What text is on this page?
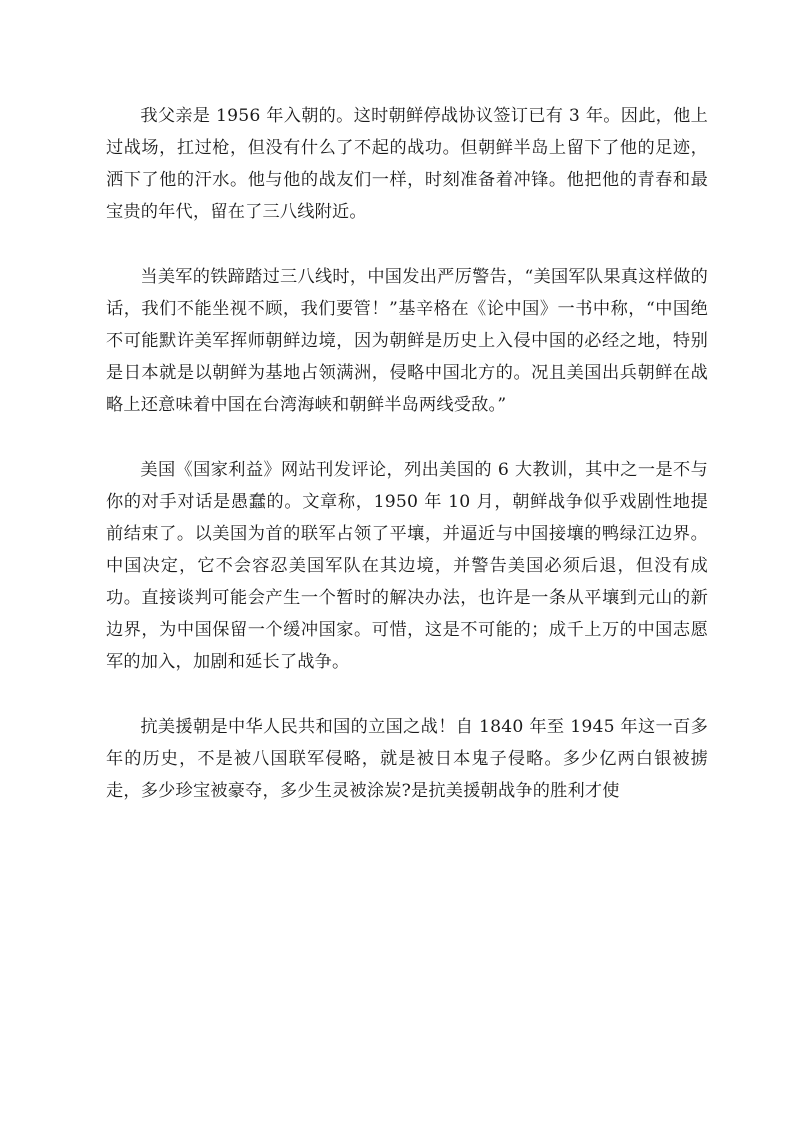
我父亲是 1956 年入朝的。这时朝鲜停战协议签订已有 3 年。因此，他上过战场，扛过枪，但没有什么了不起的战功。但朝鲜半岛上留下了他的足迹，洒下了他的汗水。他与他的战友们一样，时刻准备着冲锋。他把他的青春和最宝贵的年代，留在了三八线附近。

当美军的铁蹄踏过三八线时，中国发出严厉警告，“美国军队果真这样做的话，我们不能坐视不顾，我们要管！”基辛格在《论中国》一书中称，“中国绝不可能默许美军挥师朝鲜边境，因为朝鲜是历史上入侵中国的必经之地，特别是日本就是以朝鲜为基地占领满洲，侵略中国北方的。况且美国出兵朝鲜在战略上还意味着中国在台湾海峡和朝鲜半岛两线受敌。”

美国《国家利益》网站刊发评论，列出美国的 6 大教训，其中之一是不与你的对手对话是愚蠢的。文章称，1950 年 10 月，朝鲜战争似乎戏剧性地提前结束了。以美国为首的联军占领了平壤，并逼近与中国接壤的鸭绿江边界。中国决定，它不会容忍美国军队在其边境，并警告美国必须后退，但没有成功。直接谈判可能会产生一个暂时的解决办法，也许是一条从平壤到元山的新边界，为中国保留一个缓冲国家。可惜，这是不可能的；成千上万的中国志愿军的加入，加剧和延长了战争。

抗美援朝是中华人民共和国的立国之战！自 1840 年至 1945 年这一百多年的历史，不是被八国联军侵略，就是被日本鬼子侵略。多少亿两白银被掳走，多少珍宝被豪夺，多少生灵被涂炭?是抗美援朝战争的胜利才使
